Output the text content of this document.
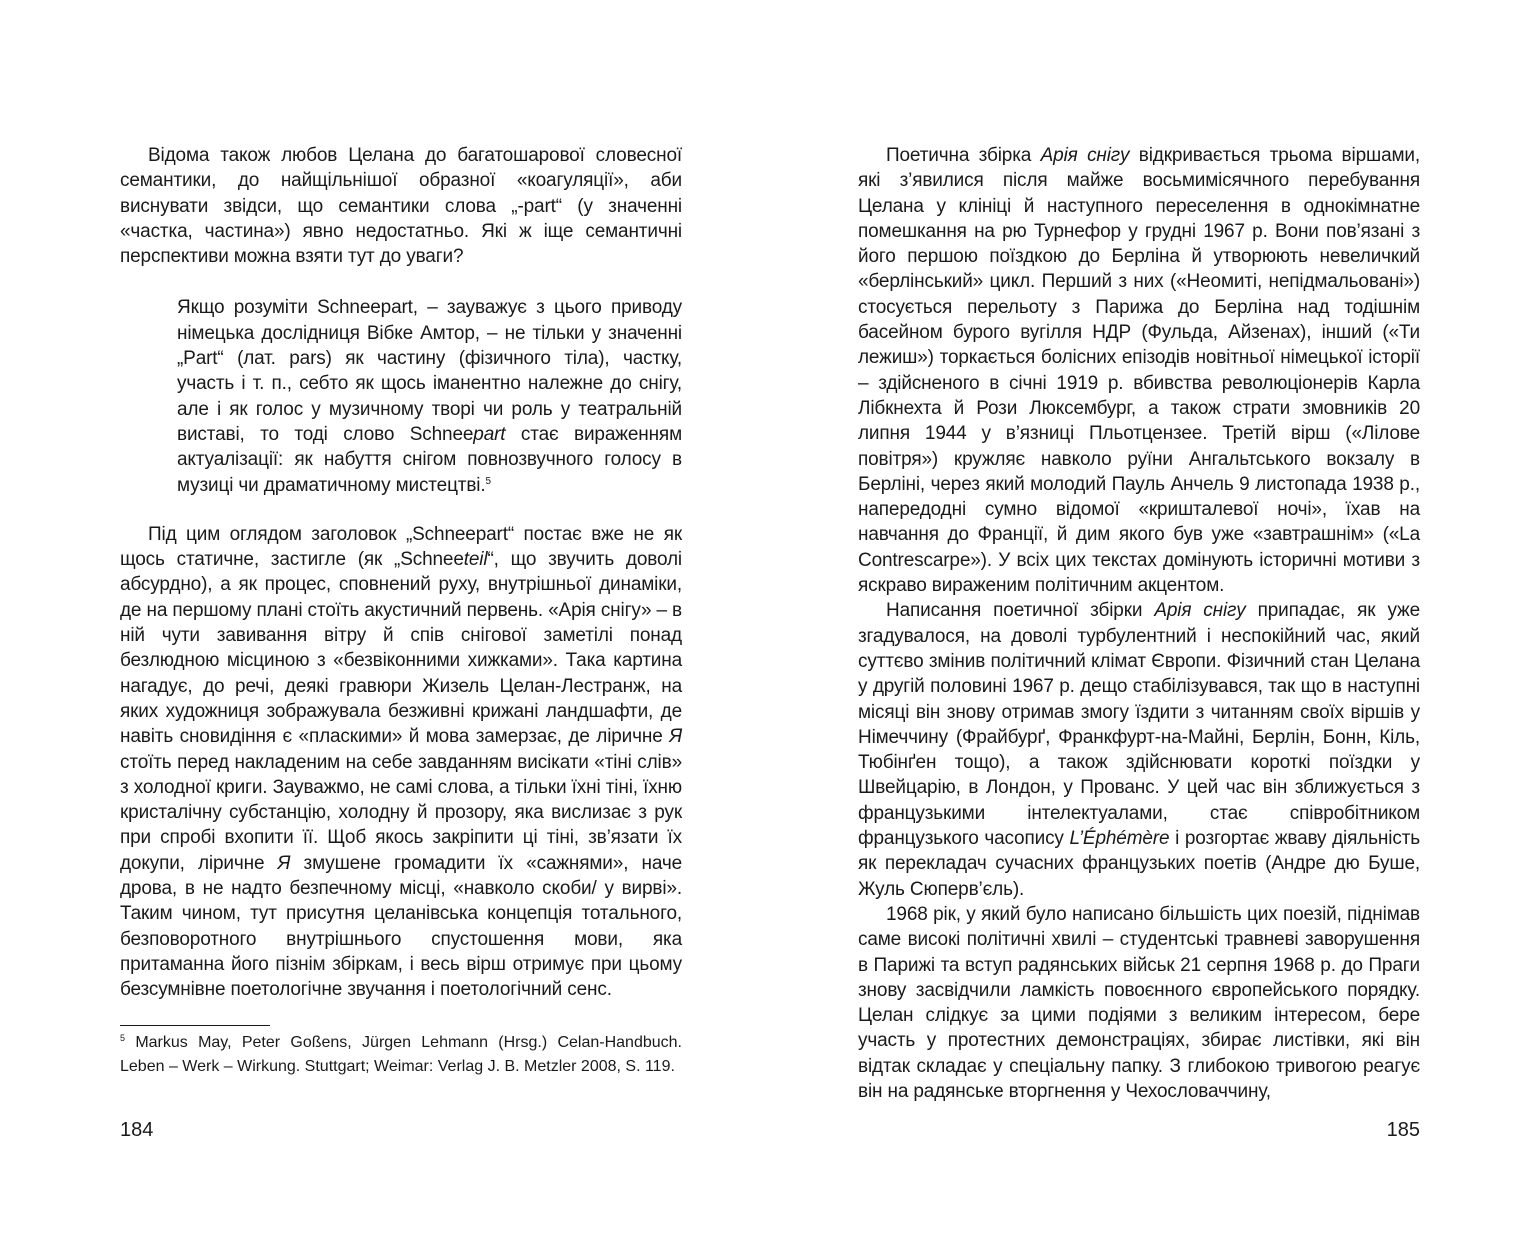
Відома також любов Целана до багатошарової словесної семантики, до найщільнішої образної «коагуляції», аби виснувати звідси, що семантики слова „-part“ (у значенні «частка, частина») явно недостатньо. Які ж іще семантичні перспективи можна взяти тут до уваги?

Якщо розуміти Schneepart, – зауважує з цього приводу німецька дослідниця Вібке Амтор, – не тільки у значенні „Part“ (лат. pars) як частину (фізичного тіла), частку, участь і т. п., себто як щось іманентно належне до снігу, але і як голос у музичному творі чи роль у театральній виставі, то тоді слово Schneepart стає вираженням актуалізації: як набуття снігом повнозвучного голосу в музиці чи драматичному мистецтві.$^5$

Під цим оглядом заголовок „Schneepart“ постає вже не як щось статичне, застигле (як „Schneeteil“, що звучить доволі абсурдно), а як процес, сповнений руху, внутрішньої динаміки, де на першому плані стоїть акустичний первень. «Арія снігу» – в ній чути завивання вітру й спів снігової заметілі понад безлюдною місциною з «безвіконними хижками». Така картина нагадує, до речі, деякі гравюри Жизель Целан-Лестранж, на яких художниця зображувала безживні крижані ландшафти, де навіть сновидіння є «пласкими» й мова замерзає, де ліричне Я стоїть перед накладеним на себе завданням висікати «тіні слів» з холодної криги. Зауважмо, не самі слова, а тільки їхні тіні, їхню кристалічну субстанцію, холодну й прозору, яка вислизає з рук при спробі вхопити її. Щоб якось закріпити ці тіні, зв’язати їх докупи, ліричне Я змушене громадити їх «сажнями», наче дрова, в не надто безпечному місці, «навколо скоби/ у вирві». Таким чином, тут присутня целанівська концепція тотального, безповоротного внутрішнього спустошення мови, яка притаманна його пізнім збіркам, і весь вірш отримує при цьому безсумнівне поетологічне звучання і поетологічний сенс.

$^5$ Markus May, Peter Goßens, Jürgen Lehmann (Hrsg.) Celan-Handbuch. Leben – Werk – Wirkung. Stuttgart; Weimar: Verlag J. B. Metzler 2008, S. 119.
184

Поетична збірка Арія снігу відкривається трьома віршами, які з’явилися після майже восьмимісячного перебування Целана у клініці й наступного переселення в однокімнатне помешкання на рю Турнефор у грудні 1967 р. Вони пов’язані з його першою поїздкою до Берліна й утворюють невеличкий «берлінський» цикл. Перший з них («Неомиті, непідмальовані») стосується перельоту з Парижа до Берліна над тодішнім басейном бурого вугілля НДР (Фульда, Айзенах), інший («Ти лежиш») торкається болісних епізодів новітньої німецької історії – здійсненого в січні 1919 р. вбивства революціонерів Карла Лібкнехта й Рози Люксембург, а також страти змовників 20 липня 1944 у в’язниці Пльотцензее. Третій вірш («Лілове повітря») кружляє навколо руїни Ангальтського вокзалу в Берліні, через який молодий Пауль Анчель 9 листопада 1938 р., напередодні сумно відомої «кришталевої ночі», їхав на навчання до Франції, й дим якого був уже «завтрашнім» («La Contrescarpe»). У всіх цих текстах домінують історичні мотиви з яскраво вираженим політичним акцентом.

Написання поетичної збірки Арія снігу припадає, як уже згадувалося, на доволі турбулентний і неспокійний час, який суттєво змінив політичний клімат Європи. Фізичний стан Целана у другій половині 1967 р. дещо стабілізувався, так що в наступні місяці він знову отримав змогу їздити з читанням своїх віршів у Німеччину (Фрайбурґ, Франкфурт-на-Майні, Берлін, Бонн, Кіль, Тюбінґен тощо), а також здійснювати короткі поїздки у Швейцарію, в Лондон, у Прованс. У цей час він зближується з французькими інтелектуалами, стає співробітником французького часопису L’Éphémère і розгортає жваву діяльність як перекладач сучасних французьких поетів (Андре дю Буше, Жуль Сюперв’єль).

1968 рік, у який було написано більшість цих поезій, піднімав саме високі політичні хвилі – студентські травневі заворушення в Парижі та вступ радянських військ 21 серпня 1968 р. до Праги знову засвідчили ламкість повоєнного європейського порядку. Целан слідкує за цими подіями з великим інтересом, бере участь у протестних демонстраціях, збирає листівки, які він відтак складає у спеціальну папку. З глибокою тривогою реагує він на радянське вторгнення у Чехословаччину,

185
